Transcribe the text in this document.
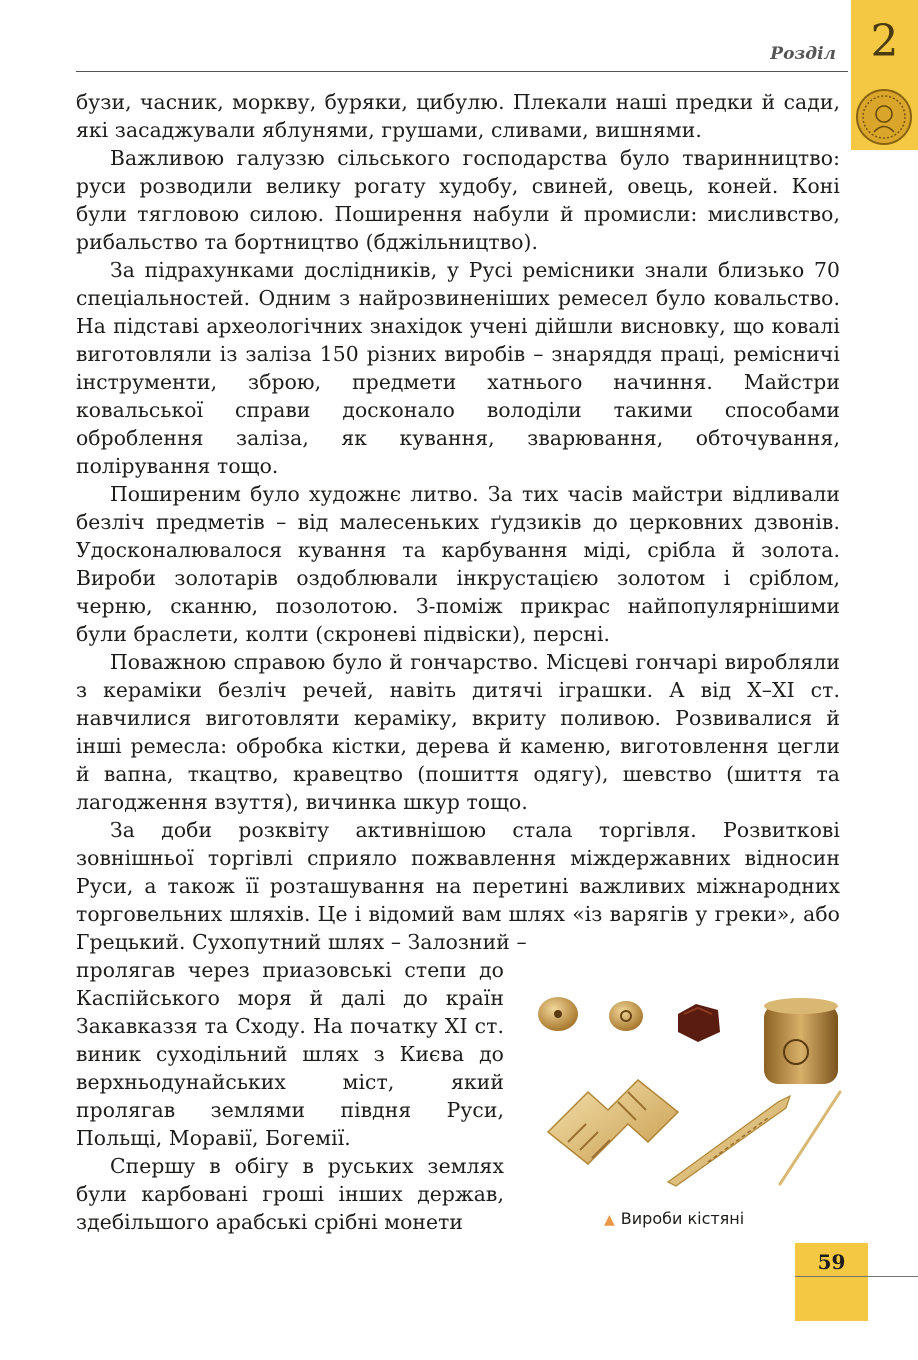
2
Розділ

бузи, часник, моркву, буряки, цибулю. Плекали наші предки й сади, які засаджували яблунями, грушами, сливами, вишнями.

Важливою галуззю сільського господарства було тваринництво: руси розводили велику рогату худобу, свиней, овець, коней. Коні були тягловою силою. Поширення набули й промисли: мисливство, рибальство та бортництво (бджільництво).

За підрахунками дослідників, у Русі ремісники знали близько 70 спеціальностей. Одним з найрозвиненіших ремесел було ковальство. На підставі археологічних знахідок учені дійшли висновку, що ковалі виготовляли із заліза 150 різних виробів – знаряддя праці, ремісничі інструменти, зброю, предмети хатнього начиння. Майстри ковальської справи досконало володіли такими способами оброблення заліза, як кування, зварювання, обточування, полірування тощо.

Поширеним було художнє литво. За тих часів майстри відливали безліч предметів – від малесеньких ґудзиків до церковних дзвонів. Удосконалювалося кування та карбування міді, срібла й золота. Вироби золотарів оздоблювали інкрустацією золотом і сріблом, черню, сканню, позолотою. З-поміж прикрас найпопулярнішими були браслети, колти (скроневі підвіски), персні.

Поважною справою було й гончарство. Місцеві гончарі виробляли з кераміки безліч речей, навіть дитячі іграшки. А від X–XI ст. навчилися виготовляти кераміку, вкриту поливою. Розвивалися й інші ремесла: обробка кістки, дерева й каменю, виготовлення цегли й вапна, ткацтво, кравецтво (пошиття одягу), шевство (шиття та лагодження взуття), вичинка шкур тощо.

За доби розквіту активнішою стала торгівля. Розвиткові зовнішньої торгівлі сприяло пожвавлення міждержавних відносин Руси, а також її розташування на перетині важливих міжнародних торговельних шляхів. Це і відомий вам шлях «із варягів у греки», або Грецький. Сухопутний шлях – Залозний –

пролягав через приазовські степи до Каспійського моря й далі до країн Закавказзя та Сходу. На початку XI ст. виник суходільний шлях з Києва до верхньодунайських міст, який пролягав землями півдня Руси, Польщі, Моравії, Богемії.

Спершу в обігу в руських землях були карбовані гроші інших держав, здебільшого арабські срібні монети	▲ Вироби кістяні
59
